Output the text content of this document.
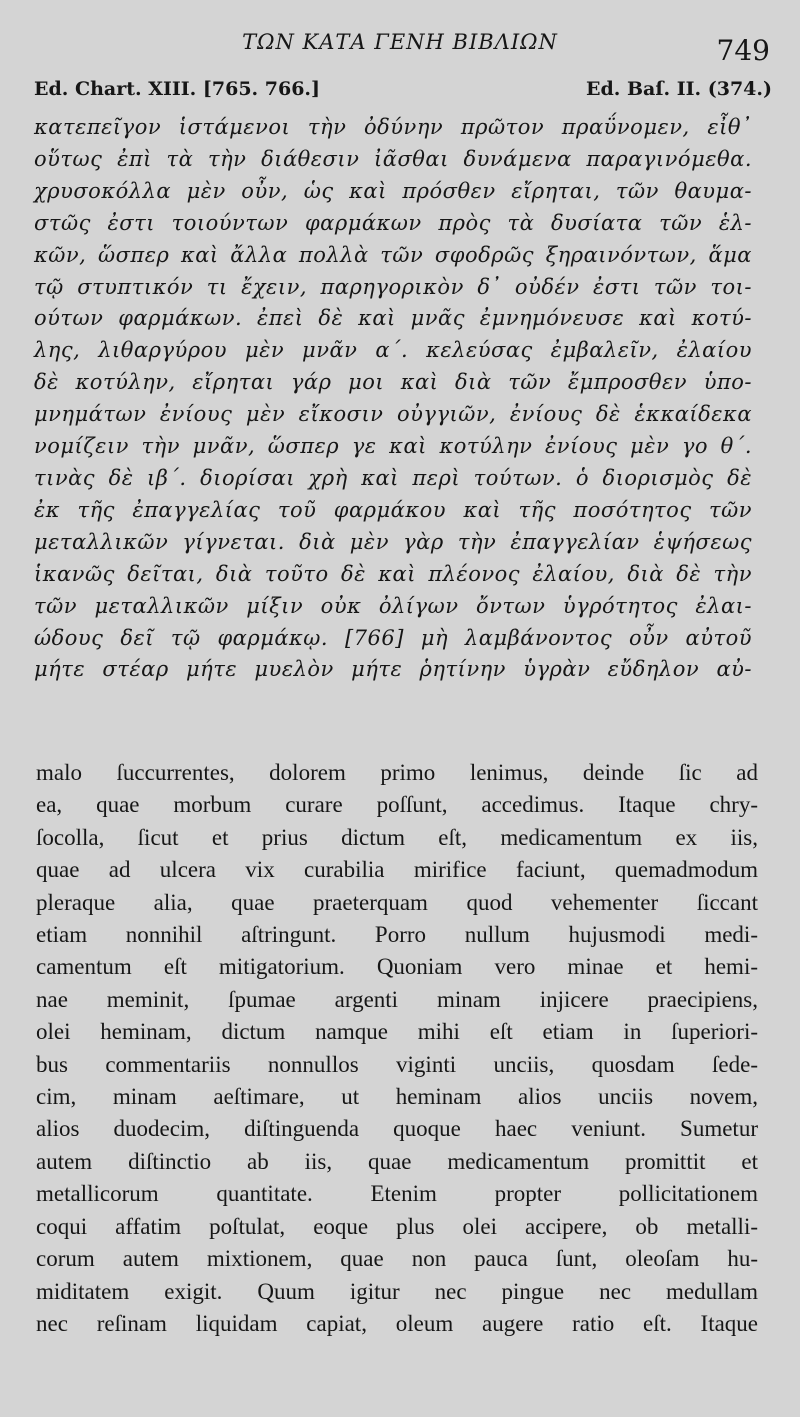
ΤΩΝ ΚΑΤΑ ΓΕΝΗ ΒΙΒΛΙΩΝ	749
Ed. Chart. XIII. [765. 766.]	Ed. Baſ. II. (374.)
κατεπεῖγον ἱστάμενοι τὴν ὀδύνην πρῶτον πραΰνομεν, εἶθ᾽
οὕτως ἐπὶ τὰ τὴν διάθεσιν ἰᾶσθαι δυνάμενα παραγινόμεθα.
χρυσοκόλλα μὲν οὖν, ὡς καὶ πρόσθεν εἴρηται, τῶν θαυμα-
στῶς ἐστι τοιούντων φαρμάκων πρὸς τὰ δυσίατα τῶν ἑλ-
κῶν, ὥσπερ καὶ ἄλλα πολλὰ τῶν σφοδρῶς ξηραινόντων, ἅμα
τῷ στυπτικόν τι ἔχειν, παρηγορικὸν δ᾽ οὐδέν ἐστι τῶν τοι-
ούτων φαρμάκων. ἐπεὶ δὲ καὶ μνᾶς ἐμνημόνευσε καὶ κοτύ-
λης, λιθαργύρου μὲν μνᾶν α´. κελεύσας ἐμβαλεῖν, ἐλαίου
δὲ κοτύλην, εἴρηται γάρ μοι καὶ διὰ τῶν ἔμπροσθεν ὑπο-
μνημάτων ἐνίους μὲν εἴκοσιν οὐγγιῶν, ἐνίους δὲ ἑκκαίδεκα
νομίζειν τὴν μνᾶν, ὥσπερ γε καὶ κοτύλην ἐνίους μὲν γο θ´.
τινὰς δὲ ιβ´. διορίσαι χρὴ καὶ περὶ τούτων. ὁ διορισμὸς δὲ
ἐκ τῆς ἐπαγγελίας τοῦ φαρμάκου καὶ τῆς ποσότητος τῶν
μεταλλικῶν γίγνεται. διὰ μὲν γὰρ τὴν ἐπαγγελίαν ἑψήσεως
ἱκανῶς δεῖται, διὰ τοῦτο δὲ καὶ πλέονος ἐλαίου, διὰ δὲ τὴν
τῶν μεταλλικῶν μίξιν οὐκ ὀλίγων ὄντων ὑγρότητος ἐλαι-
ώδους δεῖ τῷ φαρμάκῳ. [766] μὴ λαμβάνοντος οὖν αὐτοῦ
μήτε στέαρ μήτε μυελὸν μήτε ῥητίνην ὑγρὰν εὔδηλον αὐ-
malo ſuccurrentes, dolorem primo lenimus, deinde ſic ad
ea, quae morbum curare poſſunt, accedimus. Itaque chry-
ſocolla, ſicut et prius dictum eſt, medicamentum ex iis,
quae ad ulcera vix curabilia mirifice faciunt, quemadmodum
pleraque alia, quae praeterquam quod vehementer ſiccant
etiam nonnihil aſtringunt. Porro nullum hujusmodi medi-
camentum eſt mitigatorium. Quoniam vero minae et hemi-
nae meminit, ſpumae argenti minam injicere praecipiens,
olei heminam, dictum namque mihi eſt etiam in ſuperiori-
bus commentariis nonnullos viginti unciis, quosdam ſede-
cim, minam aeſtimare, ut heminam alios unciis novem,
alios duodecim, diſtinguenda quoque haec veniunt. Sumetur
autem diſtinctio ab iis, quae medicamentum promittit et
metallicorum quantitate. Etenim propter pollicitationem
coqui affatim poſtulat, eoque plus olei accipere, ob metalli-
corum autem mixtionem, quae non pauca ſunt, oleoſam hu-
miditatem exigit. Quum igitur nec pingue nec medullam
nec reſinam liquidam capiat, oleum augere ratio eſt. Itaque
